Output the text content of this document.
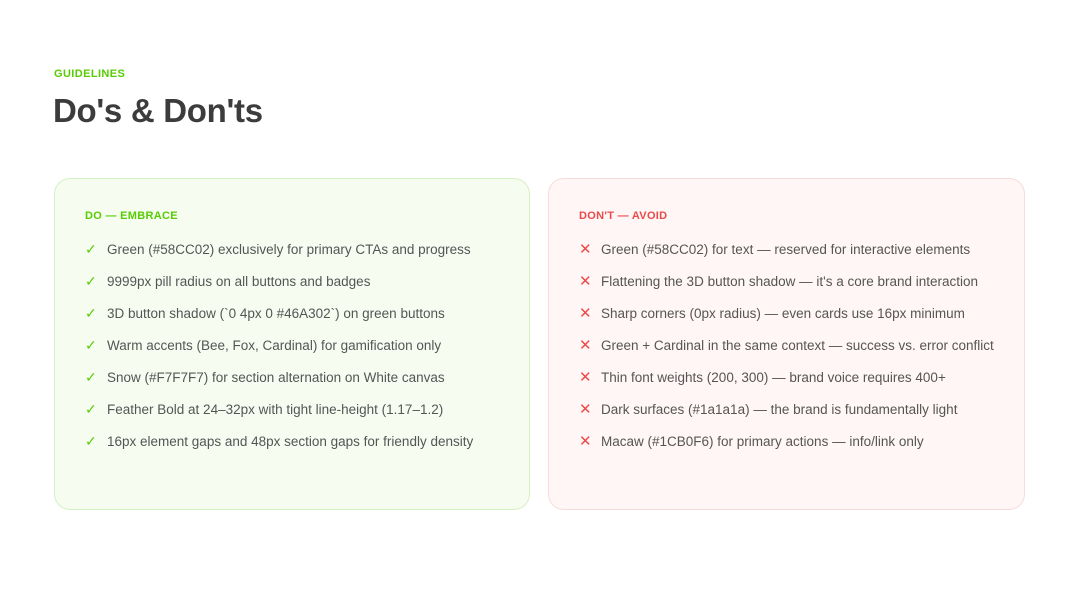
GUIDELINES
Do's & Don'ts
DO — EMBRACE
✓ Green (#58CC02) exclusively for primary CTAs and progress
✓ 9999px pill radius on all buttons and badges
✓ 3D button shadow (`0 4px 0 #46A302`) on green buttons
✓ Warm accents (Bee, Fox, Cardinal) for gamification only
✓ Snow (#F7F7F7) for section alternation on White canvas
✓ Feather Bold at 24–32px with tight line-height (1.17–1.2)
✓ 16px element gaps and 48px section gaps for friendly density
DON'T — AVOID
✕ Green (#58CC02) for text — reserved for interactive elements
✕ Flattening the 3D button shadow — it's a core brand interaction
✕ Sharp corners (0px radius) — even cards use 16px minimum
✕ Green + Cardinal in the same context — success vs. error conflict
✕ Thin font weights (200, 300) — brand voice requires 400+
✕ Dark surfaces (#1a1a1a) — the brand is fundamentally light
✕ Macaw (#1CB0F6) for primary actions — info/link only
